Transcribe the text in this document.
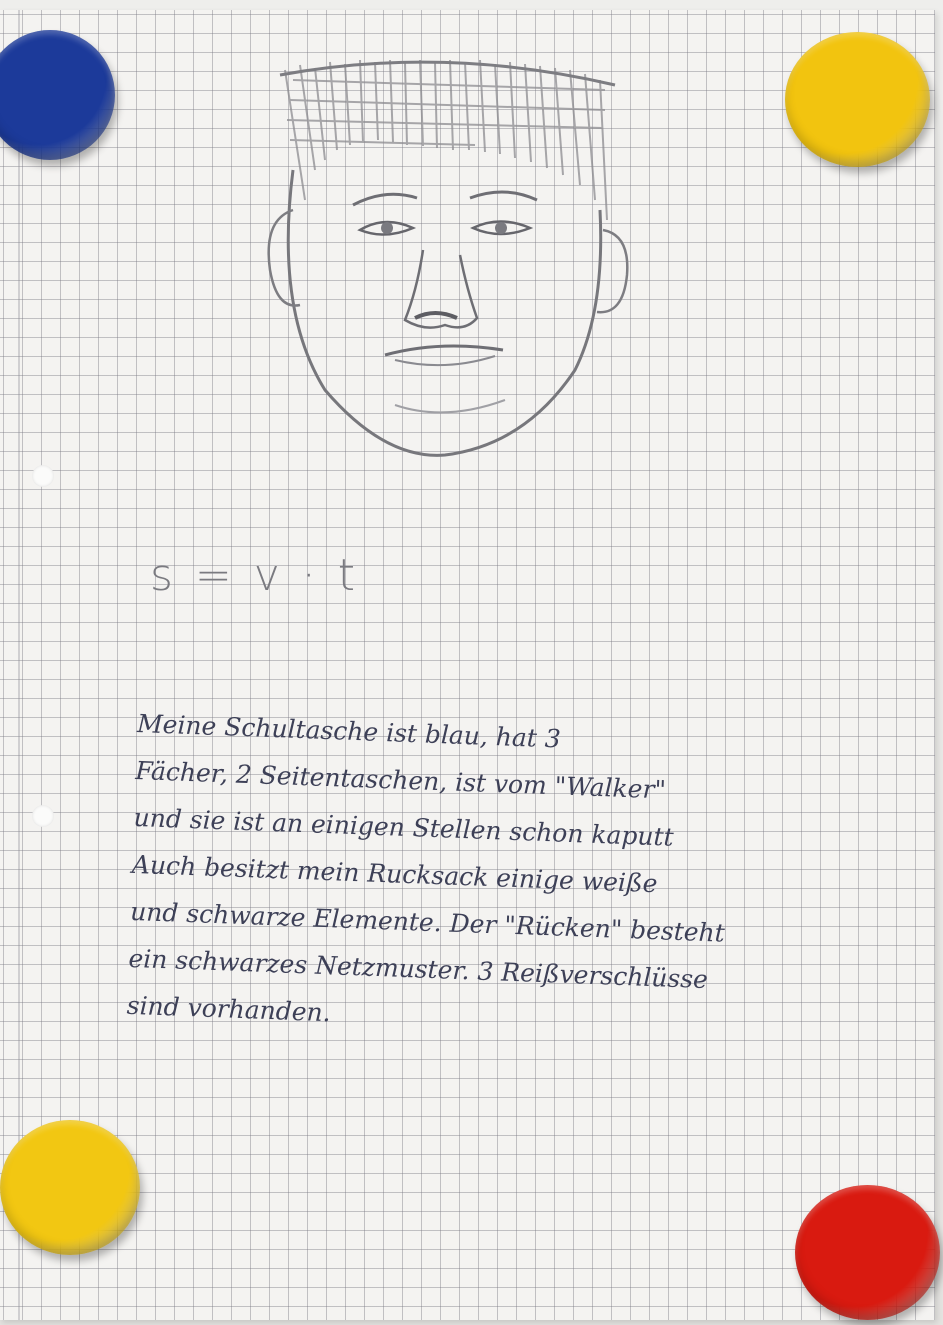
s = v · t
Meine Schultasche ist blau, hat 3
Fächer, 2 Seitentaschen, ist vom "Walker"
und sie ist an einigen Stellen schon kaputt
Auch besitzt mein Rucksack einige weiße
und schwarze Elemente. Der "Rücken" besteht
ein schwarzes Netzmuster. 3 Reißverschlüsse
sind vorhanden.
